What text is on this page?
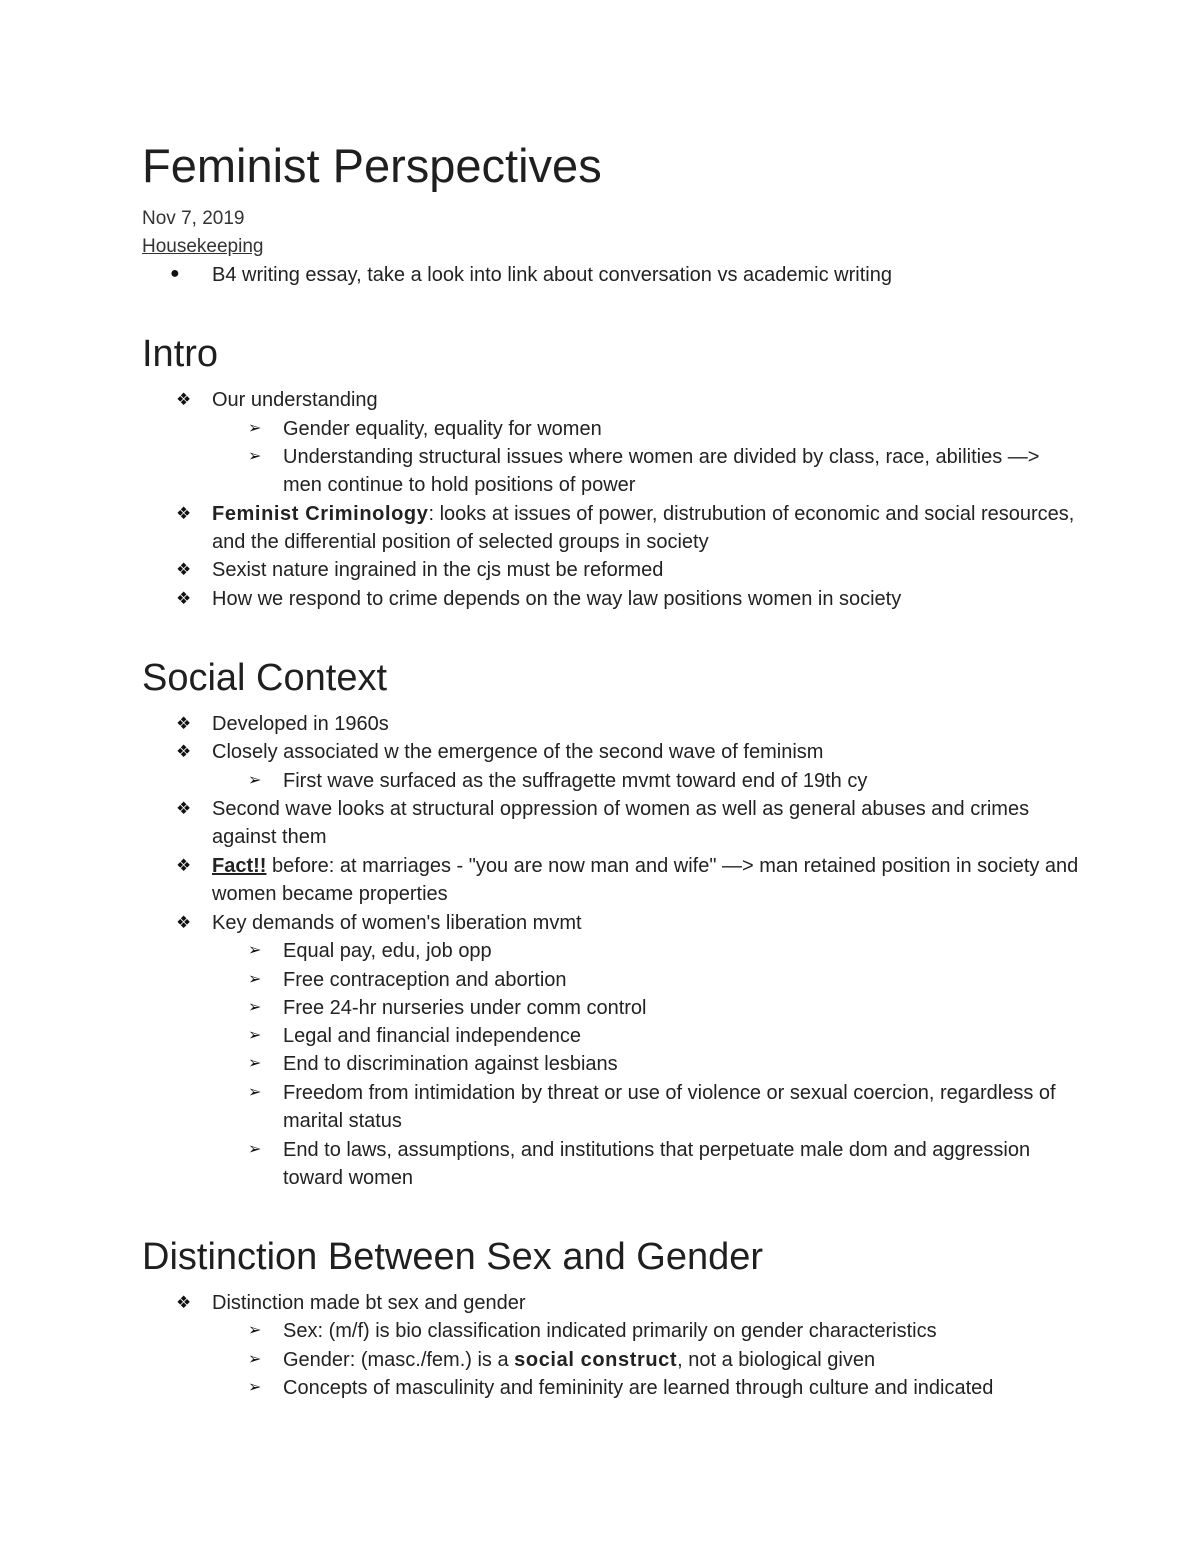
Feminist Perspectives

Nov 7, 2019

Housekeeping

● B4 writing essay, take a look into link about conversation vs academic writing
Intro
❖ Our understanding
➢ Gender equality, equality for women
➢ Understanding structural issues where women are divided by class, race, abilities —> men continue to hold positions of power
❖ Feminist Criminology: looks at issues of power, distrubution of economic and social resources, and the differential position of selected groups in society
❖ Sexist nature ingrained in the cjs must be reformed
❖ How we respond to crime depends on the way law positions women in society
Social Context
❖ Developed in 1960s
❖ Closely associated w the emergence of the second wave of feminism
➢ First wave surfaced as the suffragette mvmt toward end of 19th cy
❖ Second wave looks at structural oppression of women as well as general abuses and crimes against them
❖ Fact!! before: at marriages - "you are now man and wife" —> man retained position in society and women became properties
❖ Key demands of women's liberation mvmt
➢ Equal pay, edu, job opp
➢ Free contraception and abortion
➢ Free 24-hr nurseries under comm control
➢ Legal and financial independence
➢ End to discrimination against lesbians
➢ Freedom from intimidation by threat or use of violence or sexual coercion, regardless of marital status
➢ End to laws, assumptions, and institutions that perpetuate male dom and aggression toward women
Distinction Between Sex and Gender
❖ Distinction made bt sex and gender
➢ Sex: (m/f) is bio classification indicated primarily on gender characteristics
➢ Gender: (masc./fem.) is a social construct, not a biological given
➢ Concepts of masculinity and femininity are learned through culture and indicated
